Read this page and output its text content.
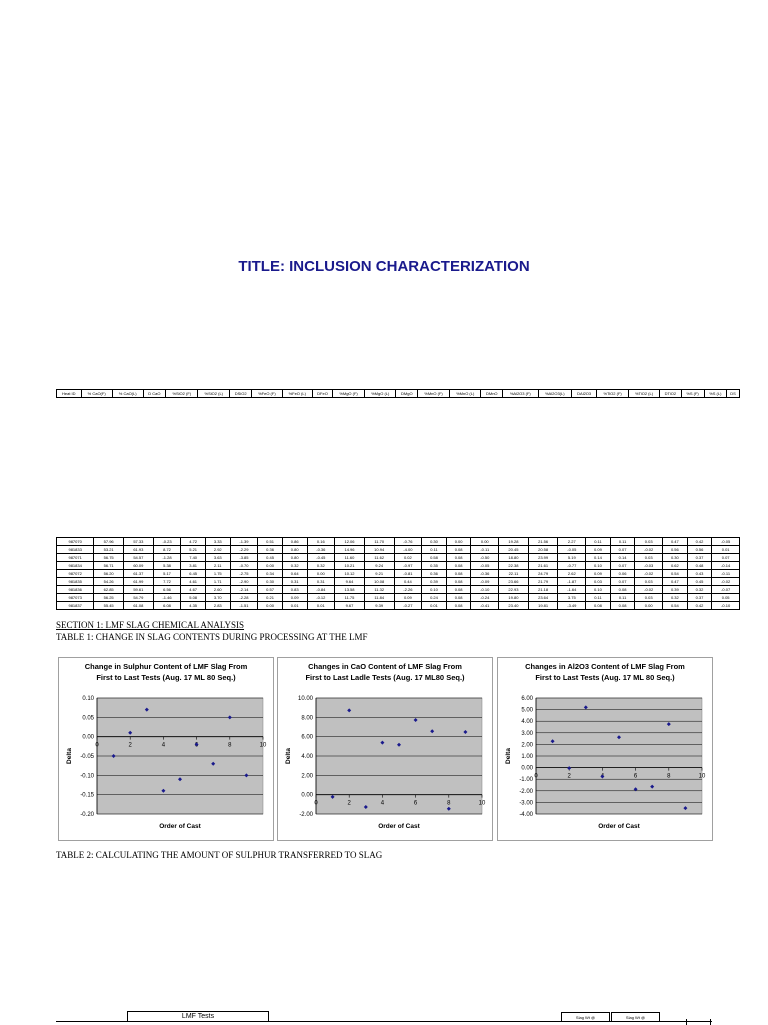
TITLE: INCLUSION CHARACTERIZATION
Heat ID	% CaO(F)	% CaO(L)	D CaO	%SiO2 (F)	%SiO2 (L)	DSiO2	%FeO (F)	%FeO (L)	DFeO	%MgO (F)	%MgO (L)	DMgO	%MnO (F)	%MnO (L)	DMnO	%Al2O3 (F)	%Al2O3(L)	DAl2O3	%TiO2 (F)	%TiO2 (L)	DTiO2	%S (F)	%S (L)	DS
987070	57.96	57.33	-0.23	4.72	3.33	-1.39	0.51	0.86	0.16	12.06	11.70	-0.76	0.30	0.00	0.00	19.28	21.56	2.27	0.11	0.11	0.03	0.47	0.42	-0.05
981833	53.21	61.93	8.72	5.21	2.92	-2.29	0.36	0.80	-0.36	14.96	10.94	-4.00	0.11	0.08	-0.11	20.45	20.58	-0.05	0.09	0.07	-0.02	0.56	0.56	0.01
987071	56.75	54.57	-1.28	7.40	3.63	-3.85	0.45	0.80	-0.45	11.60	11.62	0.02	0.58	0.08	-0.50	18.80	23.99	5.19	0.14	0.14	0.03	0.30	0.37	0.07
981834	56.71	60.09	5.38	3.81	2.11	-0.70	0.00	0.32	0.32	10.21	9.24	-0.97	0.35	0.08	-0.05	22.38	21.61	-0.77	0.10	0.07	-0.03	0.62	0.48	-0.14
987072	56.20	61.37	5.17	6.45	1.75	-2.75	0.34	0.64	0.00	10.12	9.21	-0.81	0.36	0.08	-0.36	22.11	24.79	2.62	0.09	0.06	-0.02	0.54	0.43	-0.11
981835	54.26	61.99	7.72	4.61	1.71	-2.90	0.30	0.31	0.31	9.64	10.08	0.44	0.39	0.08	-0.09	23.66	21.79	-1.87	0.03	0.07	0.03	0.47	0.45	-0.02
981836	62.85	59.61	6.56	4.67	2.60	-2.14	0.57	0.83	-0.84	13.58	11.32	-2.26	0.10	0.08	-0.10	22.93	21.18	-1.64	0.10	0.08	-0.02	0.39	0.32	-0.07
987073	56.25	54.79	-1.46	5.08	3.70	-2.28	0.21	0.09	-0.12	11.75	11.84	0.09	0.24	0.08	-0.24	19.80	23.64	3.75	0.11	0.11	0.03	0.32	0.37	0.05
981837	55.45	61.08	6.08	4.35	2.83	-1.51	0.00	0.01	0.01	9.67	9.39	-0.27	0.01	0.08	-0.41	23.40	19.81	-3.49	0.08	0.08	0.00	0.54	0.42	-0.10
SECTION 1: LMF SLAG CHEMICAL ANALYSIS
TABLE 1: CHANGE IN SLAG CONTENTS DURING PROCESSING AT THE LMF
Change in Sulphur Content of LMF Slag From
First to Last Tests (Aug. 17 ML 80 Seq.)
0.10
0.05
0.00
-0.05
-0.10
-0.15
-0.20
0	2	4	8	10
Order of Cast
Delta
Changes in CaO Content of LMF Slag From
First to Last Ladle Tests (Aug. 17 ML80 Seq.)
10.00
8.00
6.00
4.00
2.00
0.00
-2.00
0	2	4	6	8	10
Order of Cast
Delta
Changes in Al2O3 Content of LMF Slag From
First to Last Tests (Aug. 17 ML 80 Seq.)
6.00
5.00
4.00
3.00
2.00
1.00
0.00
-1.00
-2.00
-3.00
-4.00
0	2	6	8	10
Order of Cast
Delta
TABLE 2: CALCULATING THE AMOUNT OF SULPHUR TRANSFERRED TO SLAG
LMF Tests	Slag Wt @	Slag Wt @
